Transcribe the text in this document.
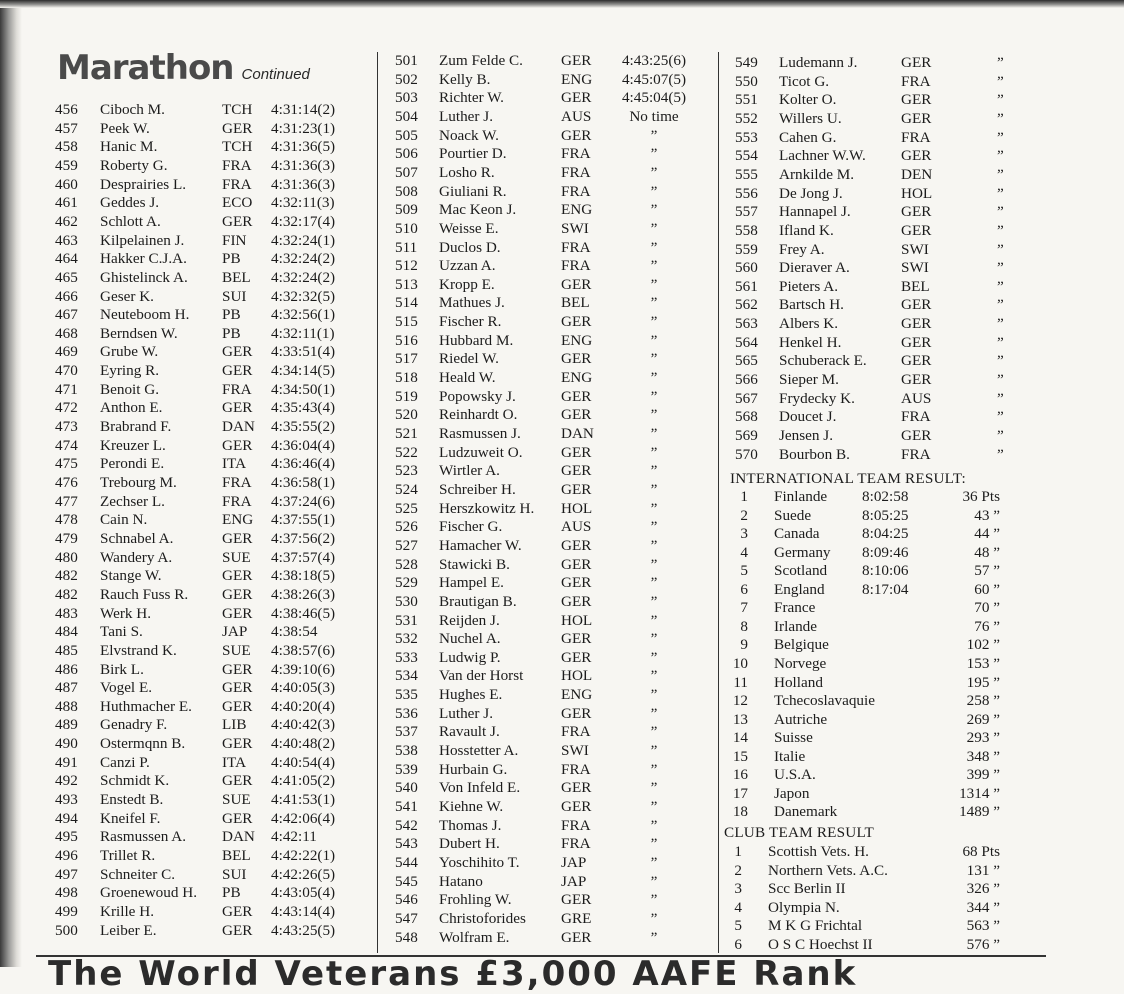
Marathon Continued
456 Ciboch M.	TCH 4:31:14(2)
457 Peek W.	GER 4:31:23(1)
458 Hanic M.	TCH 4:31:36(5)
459 Roberty G.	FRA 4:31:36(3)
460 Desprairies L. FRA 4:31:36(3)
461 Geddes J.	ECO 4:32:11(3)
462 Schlott A.	GER 4:32:17(4)
463 Kilpelainen J. FIN 4:32:24(1)
464 Hakker C.J.A. PB 4:32:24(2)
465 Ghistelinck A. BEL 4:32:24(2)
466 Geser K.	SUI 4:32:32(5)
467 Neuteboom H. PB 4:32:56(1)
468 Berndsen W.	PB 4:32:11(1)
469 Grube W.	GER 4:33:51(4)
470 Eyring R.	GER 4:34:14(5)
471 Benoit G.	FRA 4:34:50(1)
472 Anthon E.	GER 4:35:43(4)
473 Brabrand F.	DAN 4:35:55(2)
474 Kreuzer L.	GER 4:36:04(4)
475 Perondi E.	ITA 4:36:46(4)
476 Trebourg M.	FRA 4:36:58(1)
477 Zechser L.	FRA 4:37:24(6)
478 Cain N.	ENG 4:37:55(1)
479 Schnabel A.	GER 4:37:56(2)
480 Wandery A.	SUE 4:37:57(4)
482 Stange W.	GER 4:38:18(5)
482 Rauch Fuss R. GER 4:38:26(3)
483 Werk H.	GER 4:38:46(5)
484 Tani S.	JAP 4:38:54
485 Elvstrand K.	SUE 4:38:57(6)
486 Birk L.	GER 4:39:10(6)
487 Vogel E.	GER 4:40:05(3)
488 Huthmacher E. GER 4:40:20(4)
489 Genadry F.	LIB 4:40:42(3)
490 Ostermqnn B. GER 4:40:48(2)
491 Canzi P.	ITA 4:40:54(4)
492 Schmidt K.	GER 4:41:05(2)
493 Enstedt B.	SUE 4:41:53(1)
494 Kneifel F.	GER 4:42:06(4)
495 Rasmussen A. DAN 4:42:11
496 Trillet R.	BEL 4:42:22(1)
497 Schneiter C.	SUI 4:42:26(5)
498 Groenewoud H. PB 4:43:05(4)
499 Krille H.	GER 4:43:14(4)
500 Leiber E.	GER 4:43:25(5)
501 Zum Felde C.	GER	4:43:25(6)
502 Kelly B.	ENG	4:45:07(5)
503 Richter W.	GER	4:45:04(5)
504 Luther J.	AUS	No time
505 Noack W.	GER	”
506 Pourtier D.	FRA	”
507 Losho R.	FRA	”
508 Giuliani R.	FRA	”
509 Mac Keon J.	ENG	”
510 Weisse E.	SWI	”
511 Duclos D.	FRA	”
512 Uzzan A.	FRA	”
513 Kropp E.	GER	”
514 Mathues J.	BEL	”
515 Fischer R.	GER	”
516 Hubbard M.	ENG	”
517 Riedel W.	GER	”
518 Heald W.	ENG	”
519 Popowsky J.	GER	”
520 Reinhardt O.	GER	”
521 Rasmussen J.	DAN	”
522 Ludzuweit O.	GER	”
523 Wirtler A.	GER	”
524 Schreiber H.	GER	”
525 Herszkowitz H. HOL	”
526 Fischer G.	AUS	”
527 Hamacher W.	GER	”
528 Stawicki B.	GER	”
529 Hampel E.	GER	”
530 Brautigan B.	GER	”
531 Reijden J.	HOL	”
532 Nuchel A.	GER	”
533 Ludwig P.	GER	”
534 Van der Horst HOL	”
535 Hughes E.	ENG	”
536 Luther J.	GER	”
537 Ravault J.	FRA	”
538 Hosstetter A.	SWI	”
539 Hurbain G.	FRA	”
540 Von Infeld E.	GER	”
541 Kiehne W.	GER	”
542 Thomas J.	FRA	”
543 Dubert H.	FRA	”
544 Yoschihito T.	JAP	”
545 Hatano	JAP	”
546 Frohling W.	GER	”
547 Christoforides GRE	”
548 Wolfram E.	GER	”
549 Ludemann J.	GER	”
550 Ticot G.	FRA	”
551 Kolter O.	GER	”
552 Willers U.	GER	”
553 Cahen G.	FRA	”
554 Lachner W.W. GER	”
555 Arnkilde M.	DEN	”
556 De Jong J.	HOL	”
557 Hannapel J.	GER	”
558 Ifland K.	GER	”
559 Frey A.	SWI	”
560 Dieraver A.	SWI	”
561 Pieters A.	BEL	”
562 Bartsch H.	GER	”
563 Albers K.	GER	”
564 Henkel H.	GER	”
565 Schuberack E. GER	”
566 Sieper M.	GER	”
567 Frydecky K.	AUS	”
568 Doucet J.	FRA	”
569 Jensen J.	GER	”
570 Bourbon B.	FRA	”
INTERNATIONAL TEAM RESULT:
1 Finlande 8:02:58	36 Pts
2 Suede	8:05:25	43 ”
3 Canada	8:04:25	44 ”
4 Germany 8:09:46	48 ”
5 Scotland 8:10:06	57 ”
6 England 8:17:04	60 ”
7 France	70 ”
8 Irlande	76 ”
9 Belgique	102 ”
10 Norvege	153 ”
11 Holland	195 ”
12 Tchecoslavaquie	258 ”
13 Autriche	269 ”
14 Suisse	293 ”
15 Italie	348 ”
16 U.S.A.	399 ”
17 Japon	1314 ”
18 Danemark	1489 ”
CLUB TEAM RESULT
1 Scottish Vets. H.	68 Pts
2 Northern Vets. A.C.	131 ”
3 Scc Berlin II	326 ”
4 Olympia N.	344 ”
5 M K G Frichtal	563 ”
6 O S C Hoechst II	576 ”
The World Veterans £3,000 AAFE Rank
